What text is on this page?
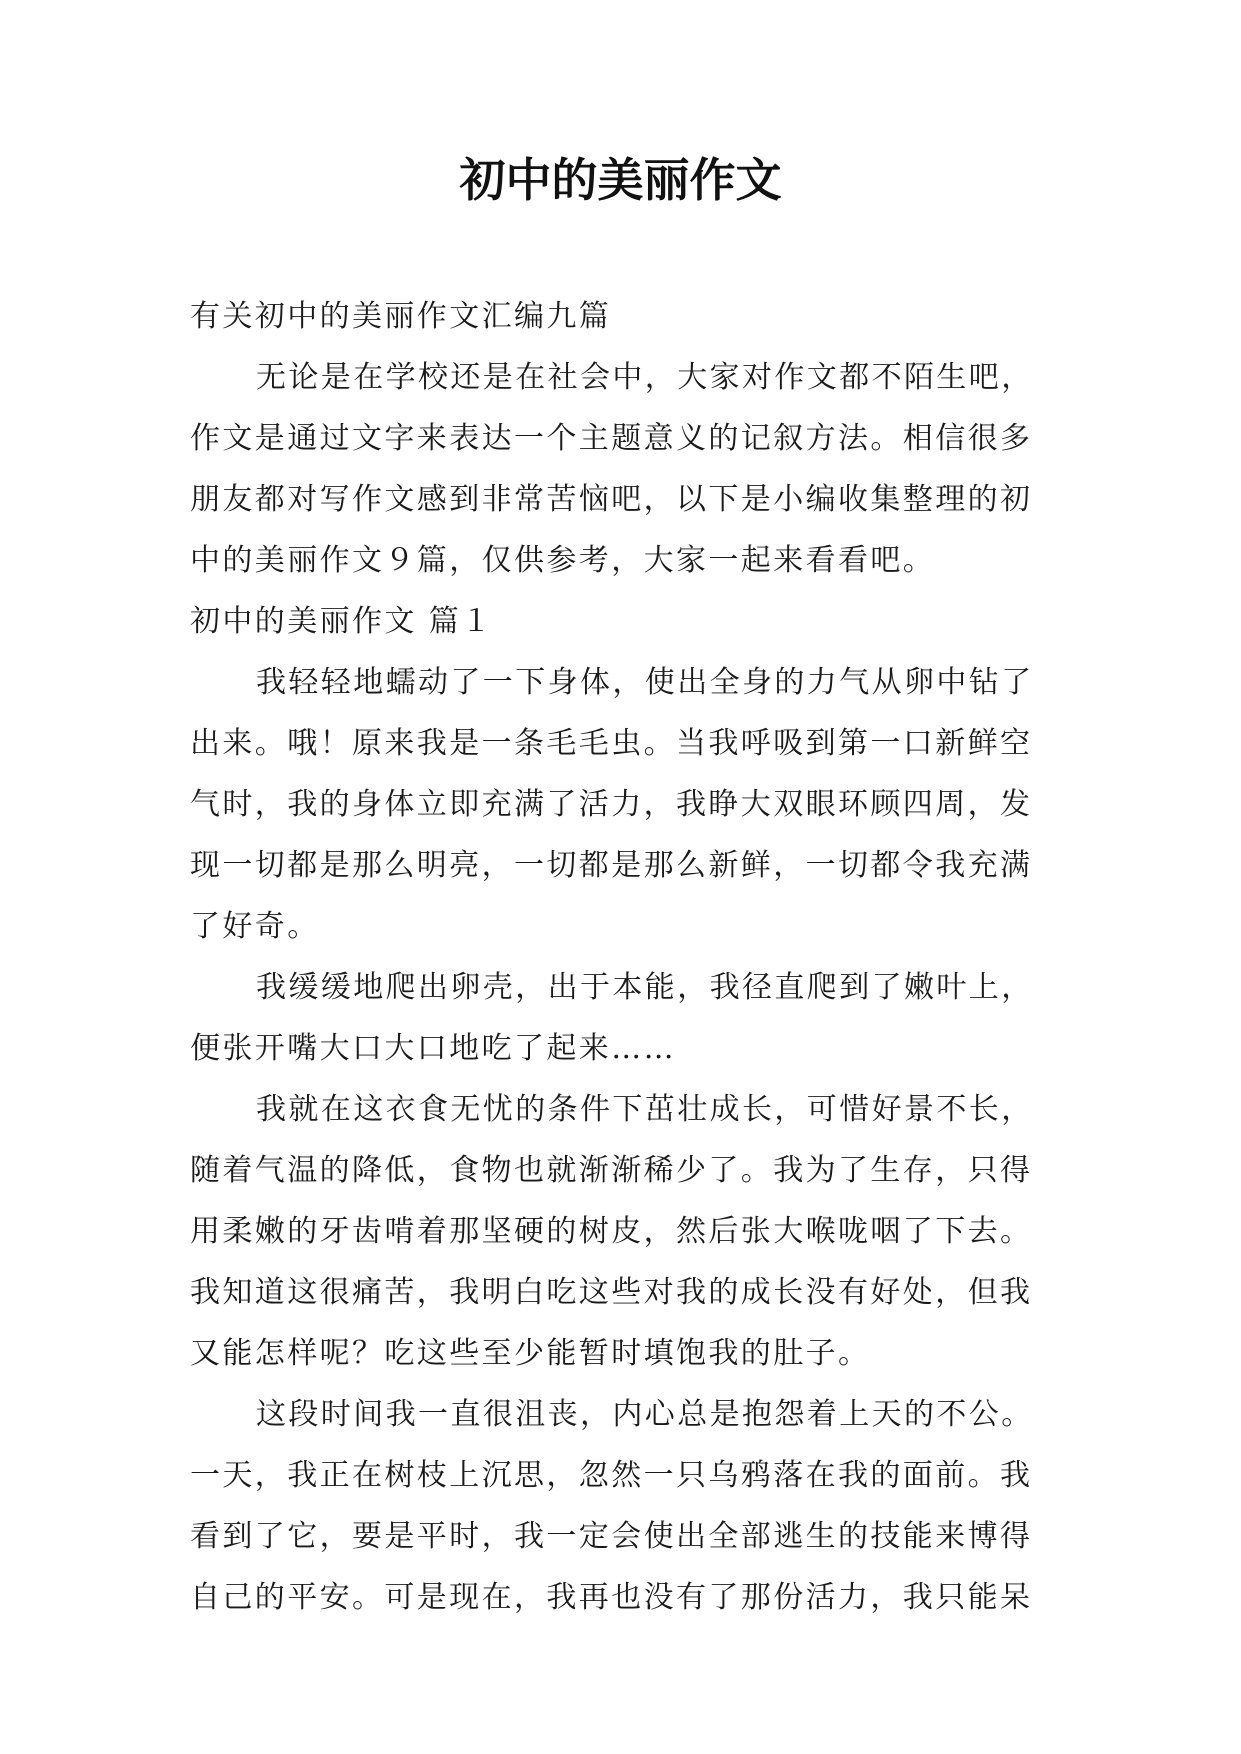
初中的美丽作文

有关初中的美丽作文汇编九篇

无论是在学校还是在社会中，大家对作文都不陌生吧，作文是通过文字来表达一个主题意义的记叙方法。相信很多朋友都对写作文感到非常苦恼吧，以下是小编收集整理的初中的美丽作文９篇，仅供参考，大家一起来看看吧。

初中的美丽作文 篇１

我轻轻地蠕动了一下身体，使出全身的力气从卵中钻了出来。哦！原来我是一条毛毛虫。当我呼吸到第一口新鲜空气时，我的身体立即充满了活力，我睁大双眼环顾四周，发现一切都是那么明亮，一切都是那么新鲜，一切都令我充满了好奇。

我缓缓地爬出卵壳，出于本能，我径直爬到了嫩叶上，便张开嘴大口大口地吃了起来……

我就在这衣食无忧的条件下茁壮成长，可惜好景不长，随着气温的降低，食物也就渐渐稀少了。我为了生存，只得用柔嫩的牙齿啃着那坚硬的树皮，然后张大喉咙咽了下去。我知道这很痛苦，我明白吃这些对我的成长没有好处，但我又能怎样呢？吃这些至少能暂时填饱我的肚子。

这段时间我一直很沮丧，内心总是抱怨着上天的不公。一天，我正在树枝上沉思，忽然一只乌鸦落在我的面前。我看到了它，要是平时，我一定会使出全部逃生的技能来博得自己的平安。可是现在，我再也没有了那份活力，我只能呆
